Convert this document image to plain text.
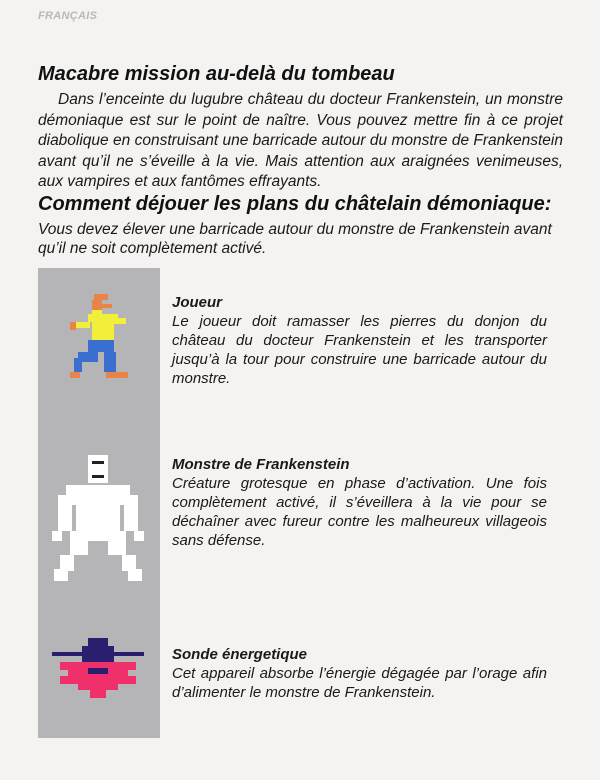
FRANÇAIS
Macabre mission au-delà du tombeau
Dans l’enceinte du lugubre château du docteur Frankenstein, un monstre démoniaque est sur le point de naître. Vous pouvez mettre fin à ce projet diabolique en construisant une barricade autour du monstre de Frankenstein avant qu’il ne s’éveille à la vie. Mais attention aux araignées venimeuses, aux vampires et aux fantômes effrayants.
Comment déjouer les plans du châtelain démoniaque:
Vous devez élever une barricade autour du monstre de Frankenstein avant qu’il ne soit complètement activé.
Joueur
Le joueur doit ramasser les pierres du donjon du château du docteur Frankenstein et les transporter jusqu’à la tour pour construire une barricade autour du monstre.
Monstre de Frankenstein
Créature grotesque en phase d’activation. Une fois complètement activé, il s’éveillera à la vie pour se déchaîner avec fureur contre les malheureux villageois sans défense.
Sonde énergetique
Cet appareil absorbe l’énergie dégagée par l’orage afin d’alimenter le monstre de Frankenstein.
